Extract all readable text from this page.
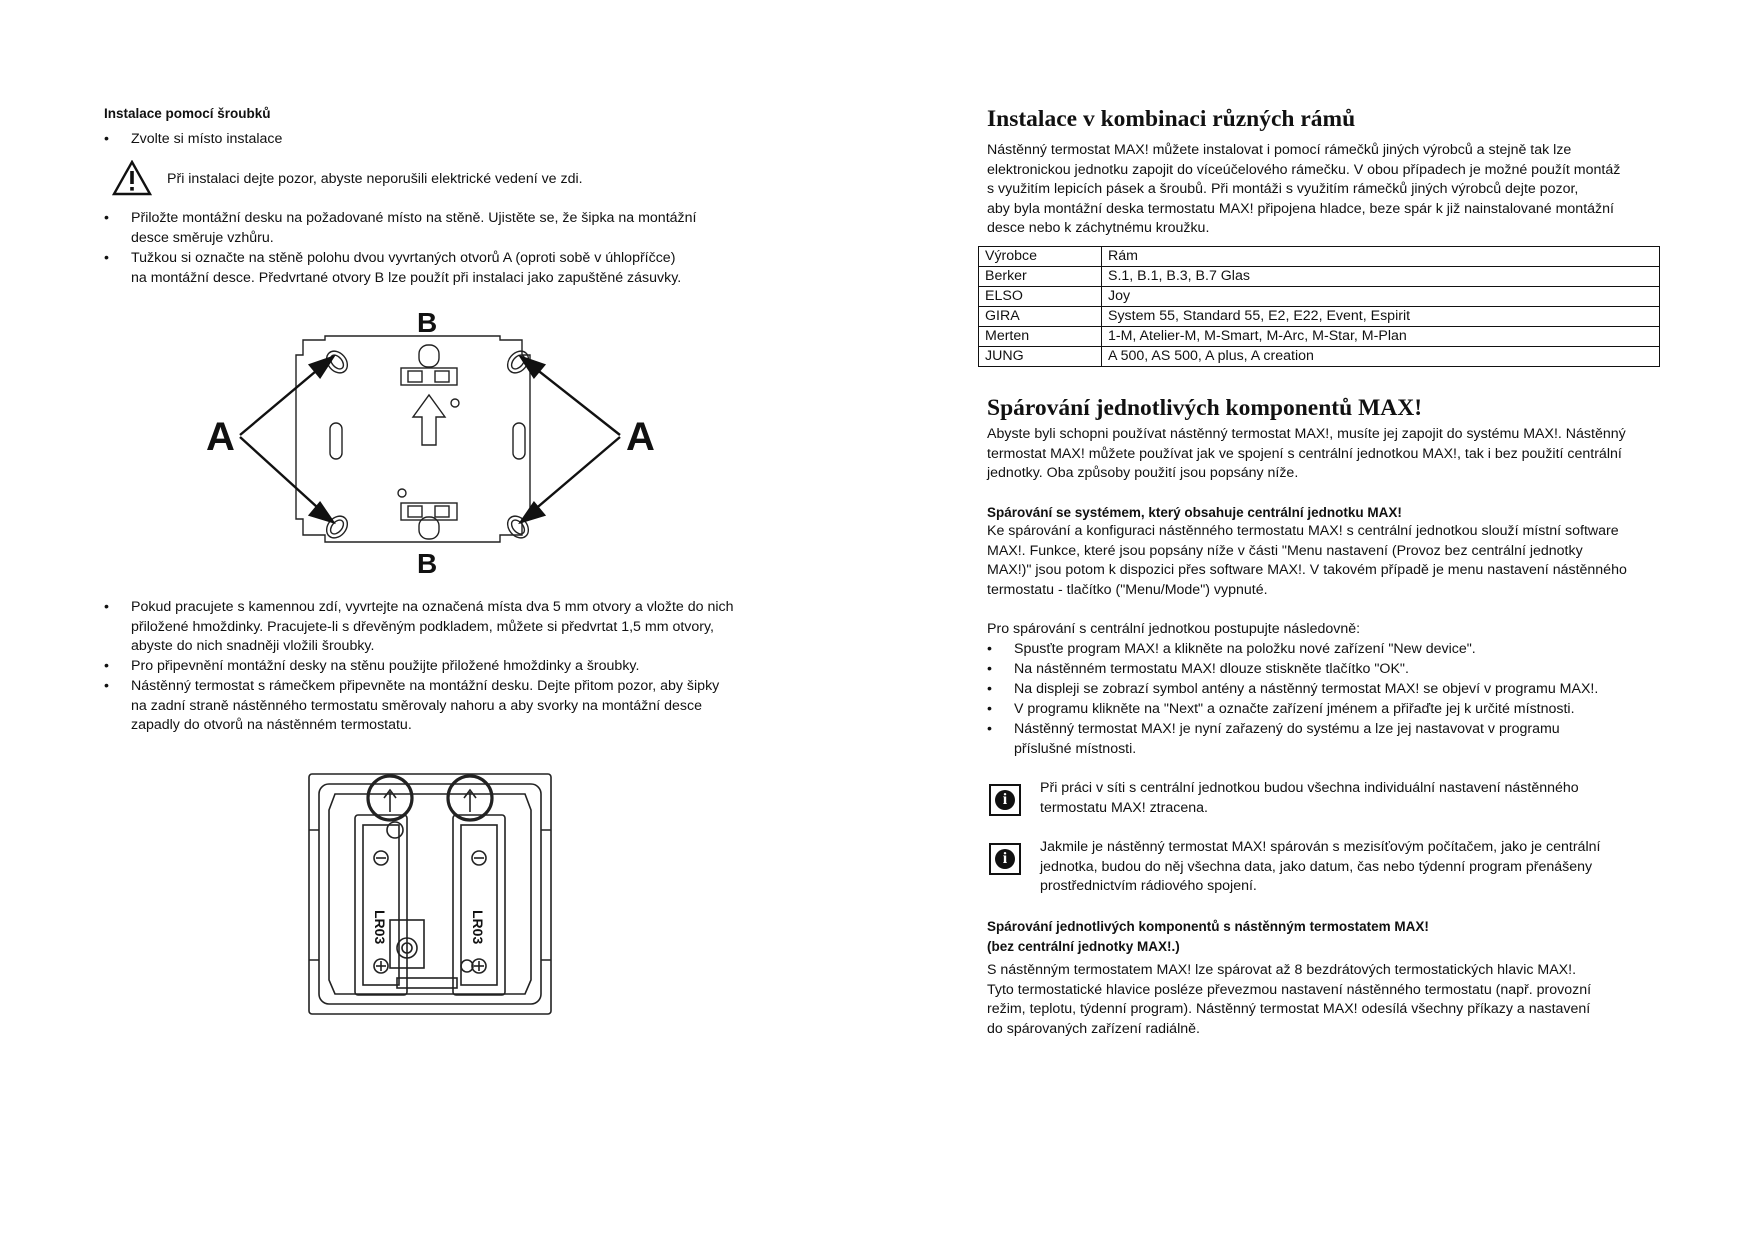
Instalace pomocí šroubků
• Zvolte si místo instalace
Při instalaci dejte pozor, abyste neporušili elektrické vedení ve zdi.
• Přiložte montážní desku na požadované místo na stěně. Ujistěte se, že šipka na montážní
desce směruje vzhůru.
• Tužkou si označte na stěně polohu dvou vyvrtaných otvorů A (oproti sobě v úhlopříčce)
na montážní desce. Předvrtané otvory B lze použít při instalaci jako zapuštěné zásuvky.
A	A
B
B
• Pokud pracujete s kamennou zdí, vyvrtejte na označená místa dva 5 mm otvory a vložte do nich
přiložené hmoždinky. Pracujete-li s dřevěným podkladem, můžete si předvrtat 1,5 mm otvory,
abyste do nich snadněji vložili šroubky.
• Pro připevnění montážní desky na stěnu použijte přiložené hmoždinky a šroubky.
• Nástěnný termostat s rámečkem připevněte na montážní desku. Dejte přitom pozor, aby šipky
na zadní straně nástěnného termostatu směrovaly nahoru a aby svorky na montážní desce
zapadly do otvorů na nástěnném termostatu.
LR03	LR03
Instalace v kombinaci různých rámů
Nástěnný termostat MAX! můžete instalovat i pomocí rámečků jiných výrobců a stejně tak lze
elektronickou jednotku zapojit do víceúčelového rámečku. V obou případech je možné použít montáž
s využitím lepicích pásek a šroubů. Při montáži s využitím rámečků jiných výrobců dejte pozor,
aby byla montážní deska termostatu MAX! připojena hladce, beze spár k již nainstalované montážní
desce nebo k záchytnému kroužku.
Výrobce	Rám
Berker	S.1, B.1, B.3, B.7 Glas
ELSO	Joy
GIRA	System 55, Standard 55, E2, E22, Event, Espirit
Merten	1-M, Atelier-M, M-Smart, M-Arc, M-Star, M-Plan
JUNG	A 500, AS 500, A plus, A creation
Spárování jednotlivých komponentů MAX!
Abyste byli schopni používat nástěnný termostat MAX!, musíte jej zapojit do systému MAX!. Nástěnný
termostat MAX! můžete používat jak ve spojení s centrální jednotkou MAX!, tak i bez použití centrální
jednotky. Oba způsoby použití jsou popsány níže.
Spárování se systémem, který obsahuje centrální jednotku MAX!
Ke spárování a konfiguraci nástěnného termostatu MAX! s centrální jednotkou slouží místní software
MAX!. Funkce, které jsou popsány níže v části "Menu nastavení (Provoz bez centrální jednotky
MAX!)" jsou potom k dispozici přes software MAX!. V takovém případě je menu nastavení nástěnného
termostatu - tlačítko ("Menu/Mode") vypnuté.
Pro spárování s centrální jednotkou postupujte následovně:
• Spusťte program MAX! a klikněte na položku nové zařízení "New device".
• Na nástěnném termostatu MAX! dlouze stiskněte tlačítko "OK".
• Na displeji se zobrazí symbol antény a nástěnný termostat MAX! se objeví v programu MAX!.
• V programu klikněte na "Next" a označte zařízení jménem a přiřaďte jej k určité místnosti.
• Nástěnný termostat MAX! je nyní zařazený do systému a lze jej nastavovat v programu
příslušné místnosti.
i
Při práci v síti s centrální jednotkou budou všechna individuální nastavení nástěnného
termostatu MAX! ztracena.
i
Jakmile je nástěnný termostat MAX! spárován s mezisíťovým počítačem, jako je centrální
jednotka, budou do něj všechna data, jako datum, čas nebo týdenní program přenášeny
prostřednictvím rádiového spojení.
Spárování jednotlivých komponentů s nástěnným termostatem MAX!
(bez centrální jednotky MAX!.)
S nástěnným termostatem MAX! lze spárovat až 8 bezdrátových termostatických hlavic MAX!.
Tyto termostatické hlavice posléze převezmou nastavení nástěnného termostatu (např. provozní
režim, teplotu, týdenní program). Nástěnný termostat MAX! odesílá všechny příkazy a nastavení
do spárovaných zařízení radiálně.
